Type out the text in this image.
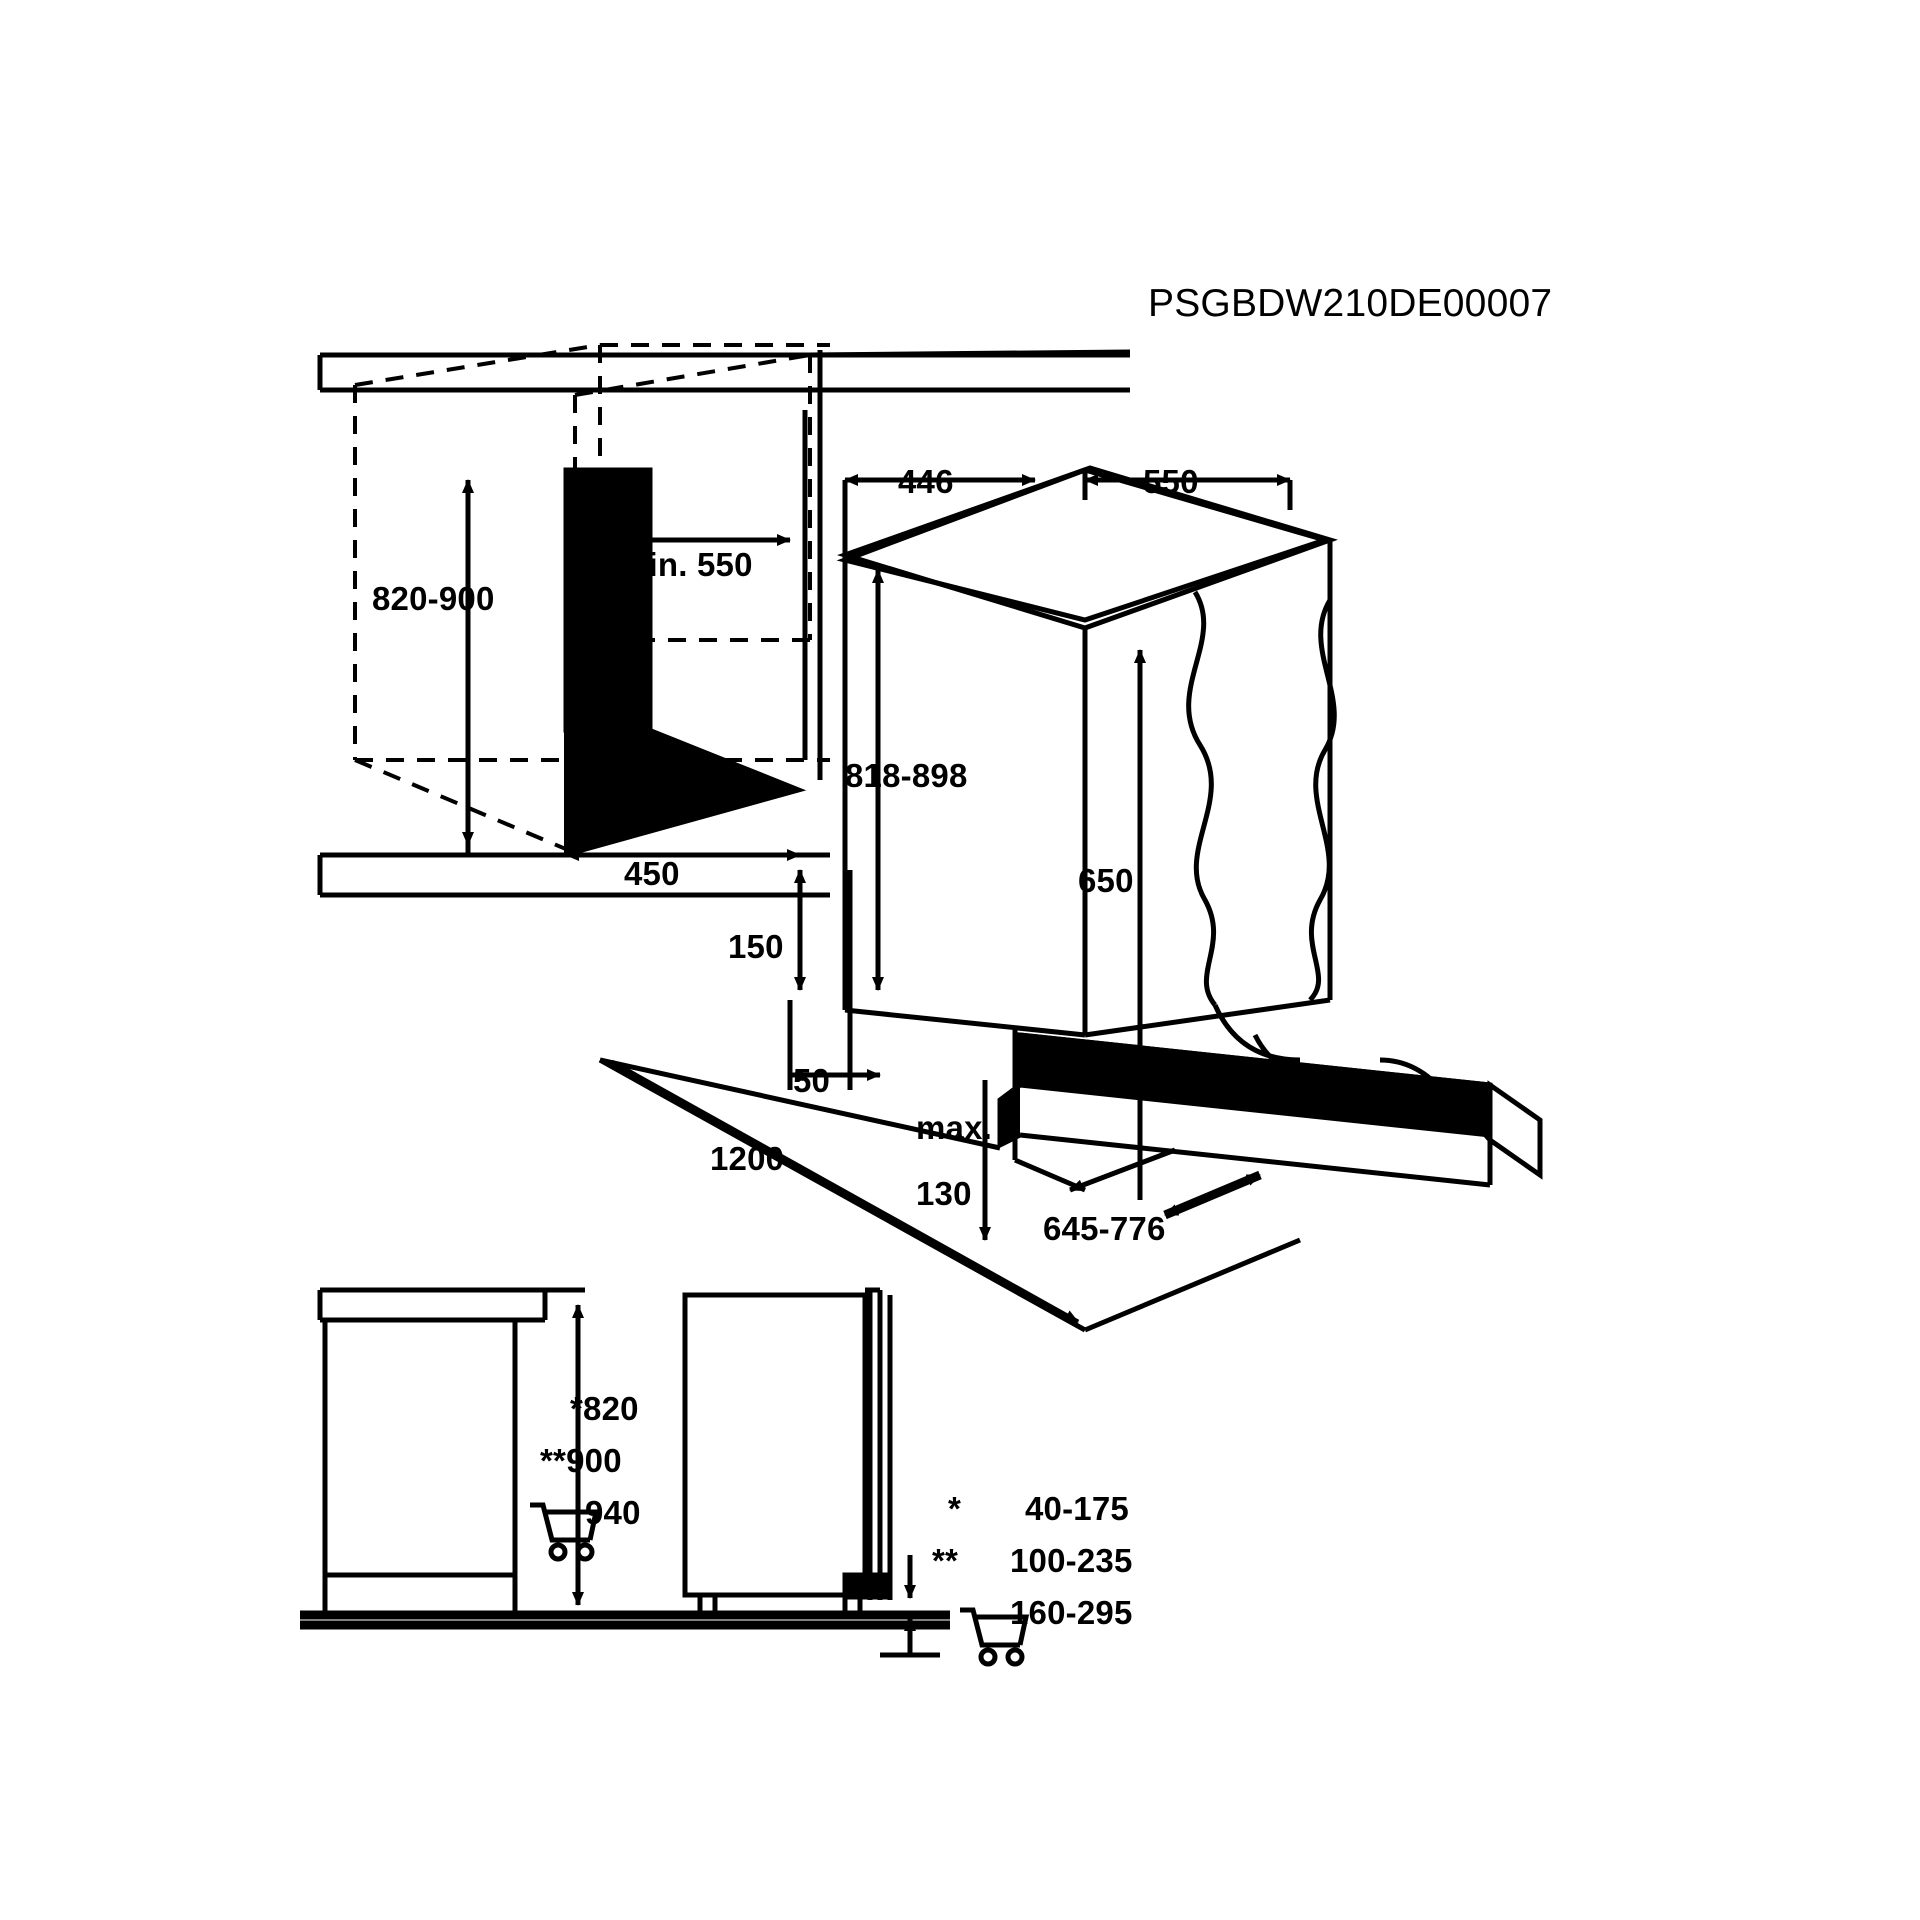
PSGBDW210DE00007
820-900
min. 550
450
446	550
818-898
650
150
50
1200
max.
130
645-776
*820
**900
940	* 40-175
** 100-235
160-295
